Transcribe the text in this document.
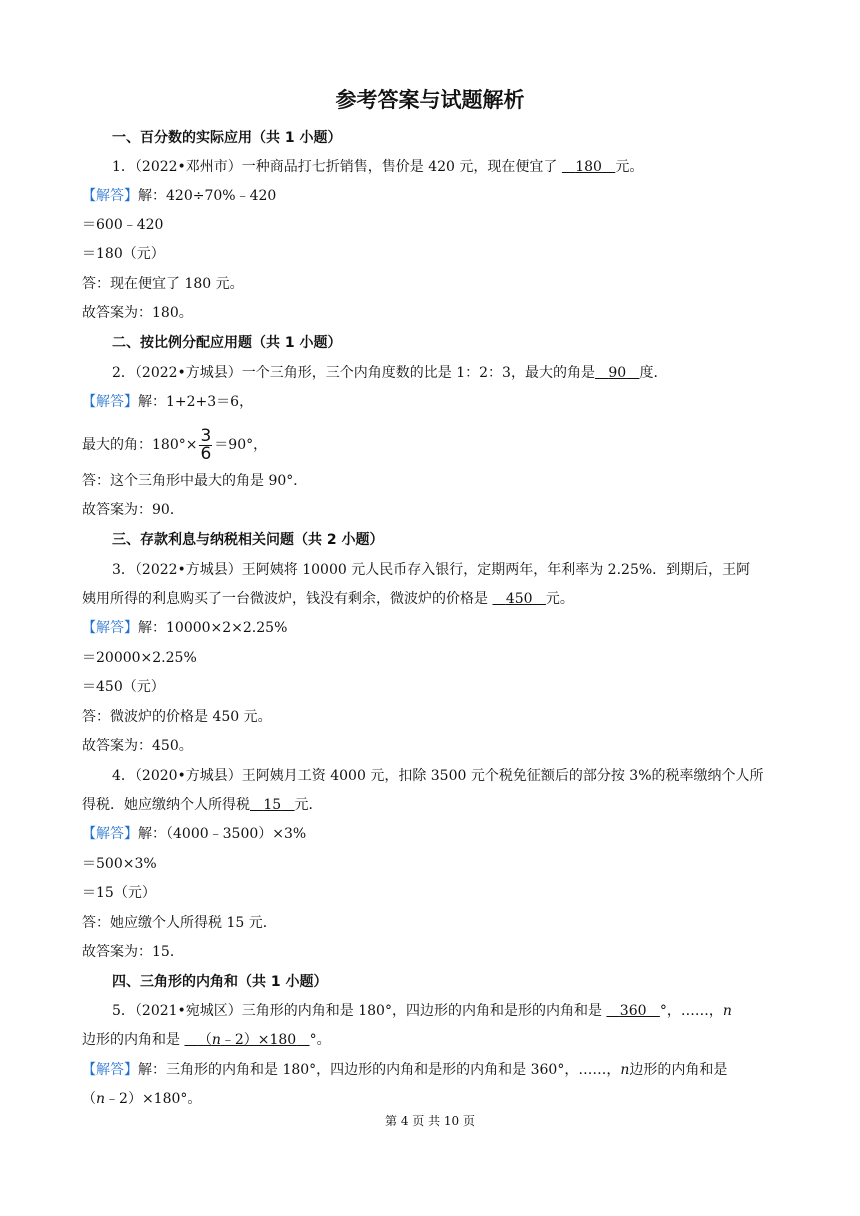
参考答案与试题解析
一、百分数的实际应用（共 1 小题）
1．（2022•邓州市）一种商品打七折销售，售价是 420 元，现在便宜了 180 元。
【解答】解：420÷70%﹣420
＝600﹣420
＝180（元）
答：现在便宜了 180 元。
故答案为：180。
二、按比例分配应用题（共 1 小题）
2．（2022•方城县）一个三角形，三个内角度数的比是 1：2：3，最大的角是 90 度．
【解答】解：1+2+3＝6，
最大的角：$180^\circ\times \frac{3}{6} =90^\circ$，
答：这个三角形中最大的角是 90°．
故答案为：90．
三、存款利息与纳税相关问题（共 2 小题）
3．（2022•方城县）王阿姨将 10000 元人民币存入银行，定期两年，年利率为 2.25%．到期后，王阿
姨用所得的利息购买了一台微波炉，钱没有剩余，微波炉的价格是 450 元。
【解答】解：10000×2×2.25%
＝20000×2.25%
＝450（元）
答：微波炉的价格是 450 元。
故答案为：450。
4．（2020•方城县）王阿姨月工资 4000 元，扣除 3500 元个税免征额后的部分按 3%的税率缴纳个人所
得税．她应缴纳个人所得税 15 元．
【解答】解：（4000﹣3500）×3%
＝500×3%
＝15（元）
答：她应缴个人所得税 15 元．
故答案为：15．
四、三角形的内角和（共 1 小题）
5．（2021•宛城区）三角形的内角和是 180°，四边形的内角和是形的内角和是 360 °，……，n
边形的内角和是 （n﹣2）×180 °。
【解答】解：三角形的内角和是 180°，四边形的内角和是形的内角和是 360°，……，n边形的内角和是
（n﹣2）×180°。
第 4 页 共 10 页
